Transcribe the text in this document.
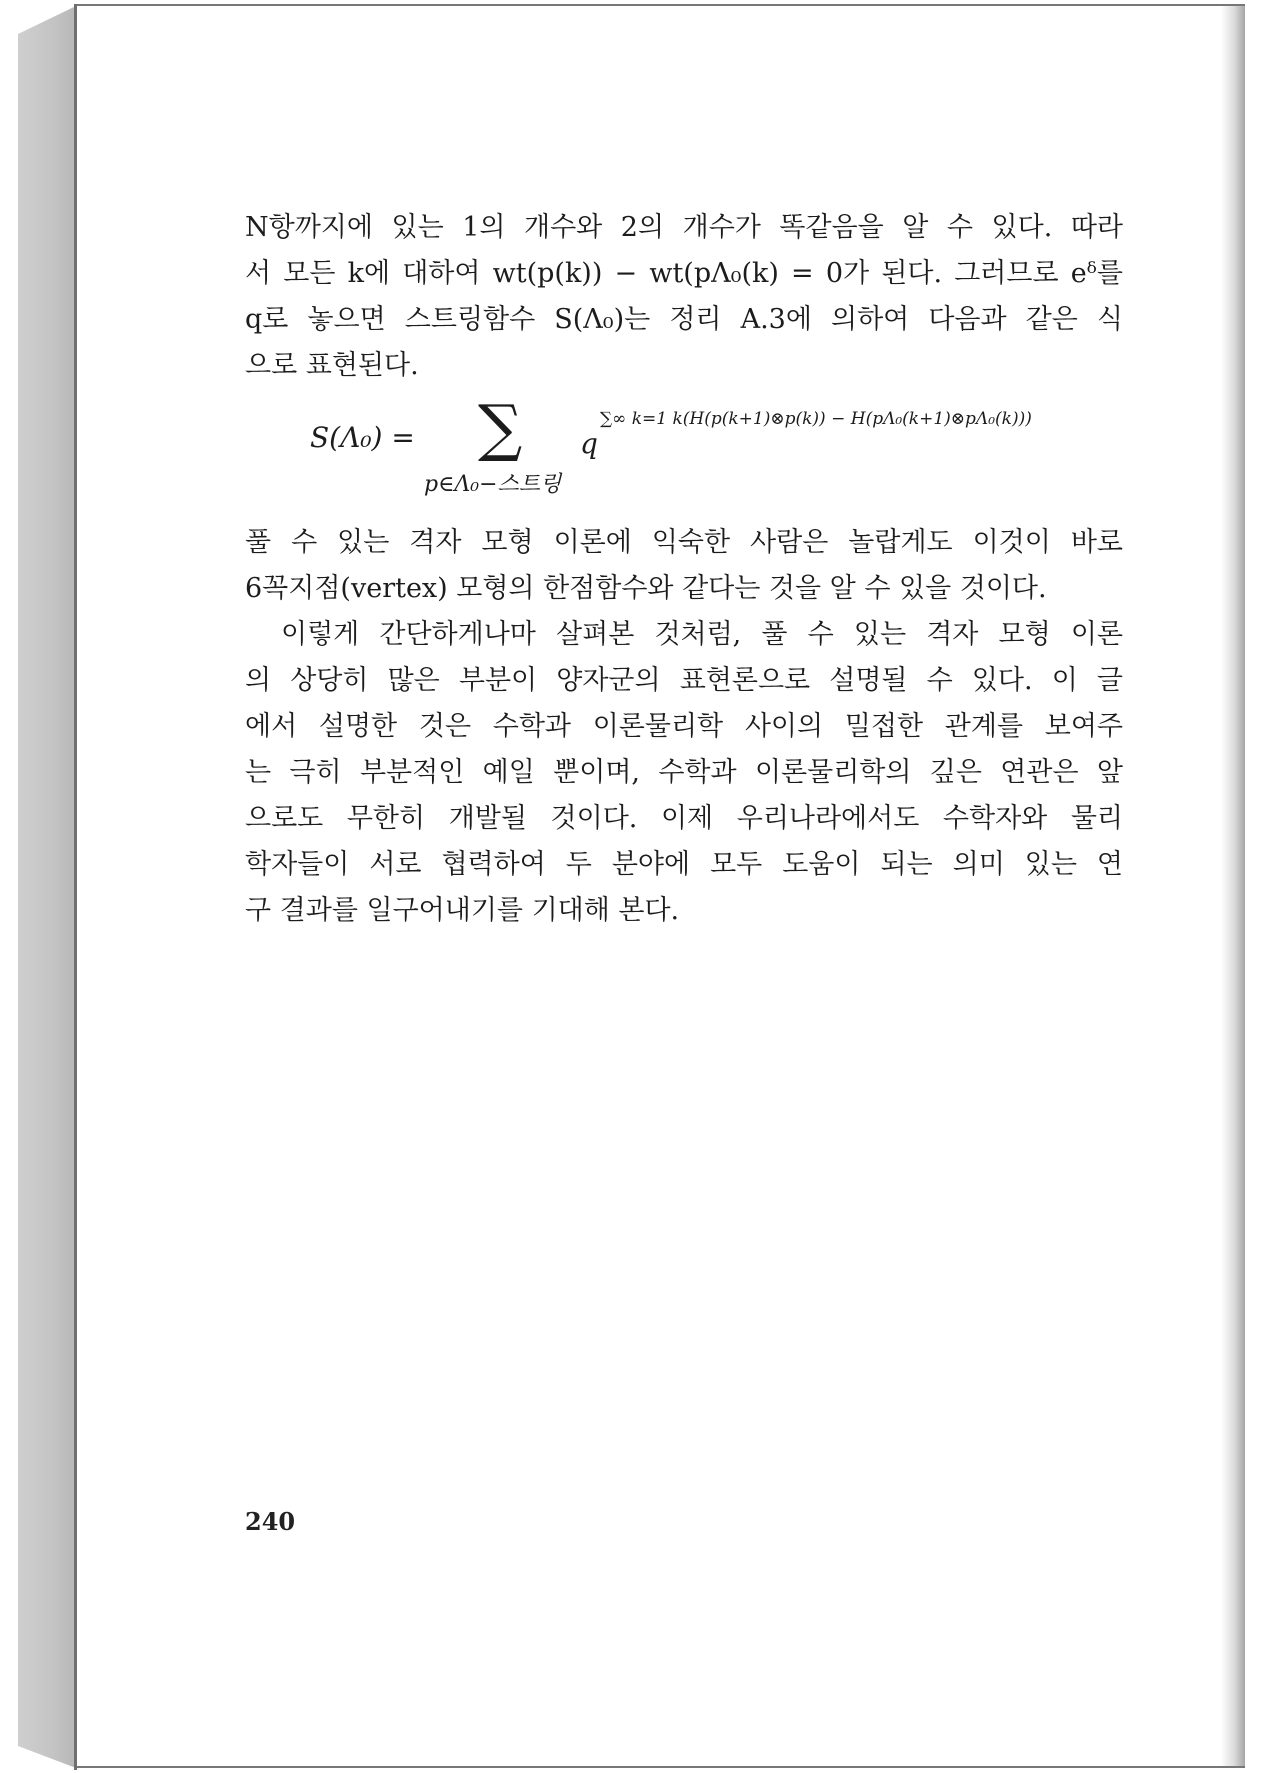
N항까지에 있는 1의 개수와 2의 개수가 똑같음을 알 수 있다. 따라
서 모든 k에 대하여 wt(p(k)) − wt(pΛ₀(k) = 0가 된다. 그러므로 eᵟ를
q로 놓으면 스트링함수 S(Λ₀)는 정리 A.3에 의하여 다음과 같은 식
으로 표현된다.
S(Λ₀) = ∑
p∈Λ₀−스트링
q
∑∞ k=1 k(H(p(k+1)⊗p(k)) − H(pΛ₀(k+1)⊗pΛ₀(k)))
풀 수 있는 격자 모형 이론에 익숙한 사람은 놀랍게도 이것이 바로
6꼭지점(vertex) 모형의 한점함수와 같다는 것을 알 수 있을 것이다.
이렇게 간단하게나마 살펴본 것처럼, 풀 수 있는 격자 모형 이론
의 상당히 많은 부분이 양자군의 표현론으로 설명될 수 있다. 이 글
에서 설명한 것은 수학과 이론물리학 사이의 밀접한 관계를 보여주
는 극히 부분적인 예일 뿐이며, 수학과 이론물리학의 깊은 연관은 앞
으로도 무한히 개발될 것이다. 이제 우리나라에서도 수학자와 물리
학자들이 서로 협력하여 두 분야에 모두 도움이 되는 의미 있는 연
구 결과를 일구어내기를 기대해 본다.
240
